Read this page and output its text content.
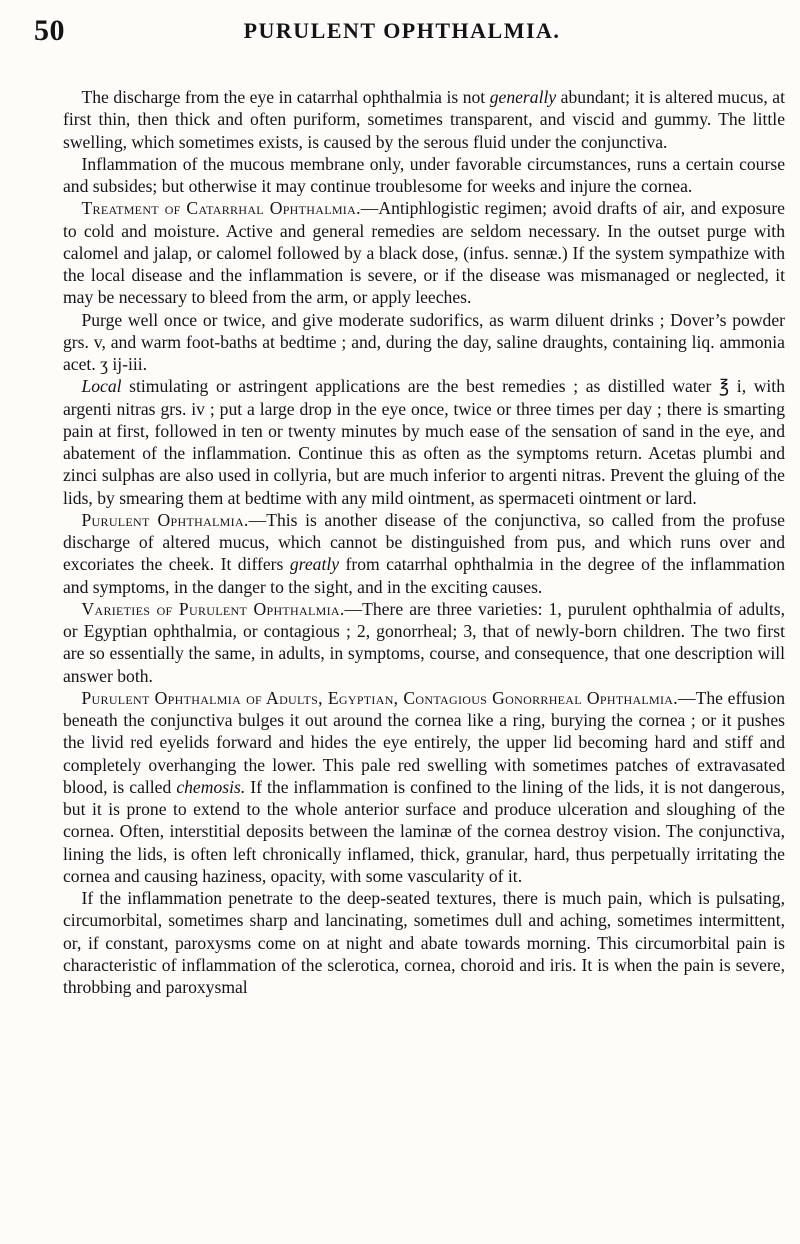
50	PURULENT OPHTHALMIA.

The discharge from the eye in catarrhal ophthalmia is not generally abundant; it is altered mucus, at first thin, then thick and often puriform, sometimes transparent, and viscid and gummy. The little swelling, which sometimes exists, is caused by the serous fluid under the conjunctiva.

Inflammation of the mucous membrane only, under favorable circumstances, runs a certain course and subsides; but otherwise it may continue troublesome for weeks and injure the cornea.

Treatment of Catarrhal Ophthalmia.—Antiphlogistic regimen; avoid drafts of air, and exposure to cold and moisture. Active and general remedies are seldom necessary. In the outset purge with calomel and jalap, or calomel followed by a black dose, (infus. sennæ.) If the system sympathize with the local disease and the inflammation is severe, or if the disease was mismanaged or neglected, it may be necessary to bleed from the arm, or apply leeches.

Purge well once or twice, and give moderate sudorifics, as warm diluent drinks ; Dover’s powder grs. v, and warm foot-baths at bedtime ; and, during the day, saline draughts, containing liq. ammonia acet. ʒ ij-iii.

Local stimulating or astringent applications are the best remedies ; as distilled water ℥ i, with argenti nitras grs. iv ; put a large drop in the eye once, twice or three times per day ; there is smarting pain at first, followed in ten or twenty minutes by much ease of the sensation of sand in the eye, and abatement of the inflammation. Continue this as often as the symptoms return. Acetas plumbi and zinci sulphas are also used in collyria, but are much inferior to argenti nitras. Prevent the gluing of the lids, by smearing them at bedtime with any mild ointment, as spermaceti ointment or lard.

Purulent Ophthalmia.—This is another disease of the conjunctiva, so called from the profuse discharge of altered mucus, which cannot be distinguished from pus, and which runs over and excoriates the cheek. It differs greatly from catarrhal ophthalmia in the degree of the inflammation and symptoms, in the danger to the sight, and in the exciting causes.

Varieties of Purulent Ophthalmia.—There are three varieties: 1, purulent ophthalmia of adults, or Egyptian ophthalmia, or contagious ; 2, gonorrheal; 3, that of newly-born children. The two first are so essentially the same, in adults, in symptoms, course, and consequence, that one description will answer both.

Purulent Ophthalmia of Adults, Egyptian, Contagious Gonorrheal Ophthalmia.—The effusion beneath the conjunctiva bulges it out around the cornea like a ring, burying the cornea ; or it pushes the livid red eyelids forward and hides the eye entirely, the upper lid becoming hard and stiff and completely overhanging the lower. This pale red swelling with sometimes patches of extravasated blood, is called chemosis. If the inflammation is confined to the lining of the lids, it is not dangerous, but it is prone to extend to the whole anterior surface and produce ulceration and sloughing of the cornea. Often, interstitial deposits between the laminæ of the cornea destroy vision. The conjunctiva, lining the lids, is often left chronically inflamed, thick, granular, hard, thus perpetually irritating the cornea and causing haziness, opacity, with some vascularity of it.

If the inflammation penetrate to the deep-seated textures, there is much pain, which is pulsating, circumorbital, sometimes sharp and lancinating, sometimes dull and aching, sometimes intermittent, or, if constant, paroxysms come on at night and abate towards morning. This circumorbital pain is characteristic of inflammation of the sclerotica, cornea, choroid and iris. It is when the pain is severe, throbbing and paroxysmal
